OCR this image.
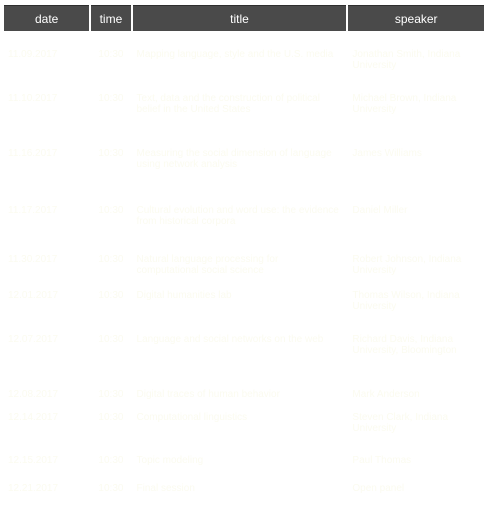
date	time	title	speaker
11.09.2017	10:30	Mapping language, style and the U.S. media	Jonathan Smith, Indiana University
11.10.2017	10:30	Text, data and the construction of political belief in the United States	Michael Brown, Indiana University
11.16.2017	10:30	Measuring the social dimension of language using network analysis	James Williams
11.17.2017	10:30	Cultural evolution and word use: the evidence from historical corpora	Daniel Miller
11.30.2017	10:30	Natural language processing for computational social science	Robert Johnson, Indiana University
12.01.2017	10:30	Digital humanities lab	Thomas Wilson, Indiana University
12.07.2017	10:30	Language and social networks on the web	Richard Davis, Indiana University, Bloomington
12.08.2017	10:30	Digital traces of human behavior	Mark Anderson
12.14.2017	10:30	Computational linguistics	Steven Clark, Indiana University
12.15.2017	10:30	Topic modeling	Paul Thomas
12.21.2017	10:30	Final session	Open panel
